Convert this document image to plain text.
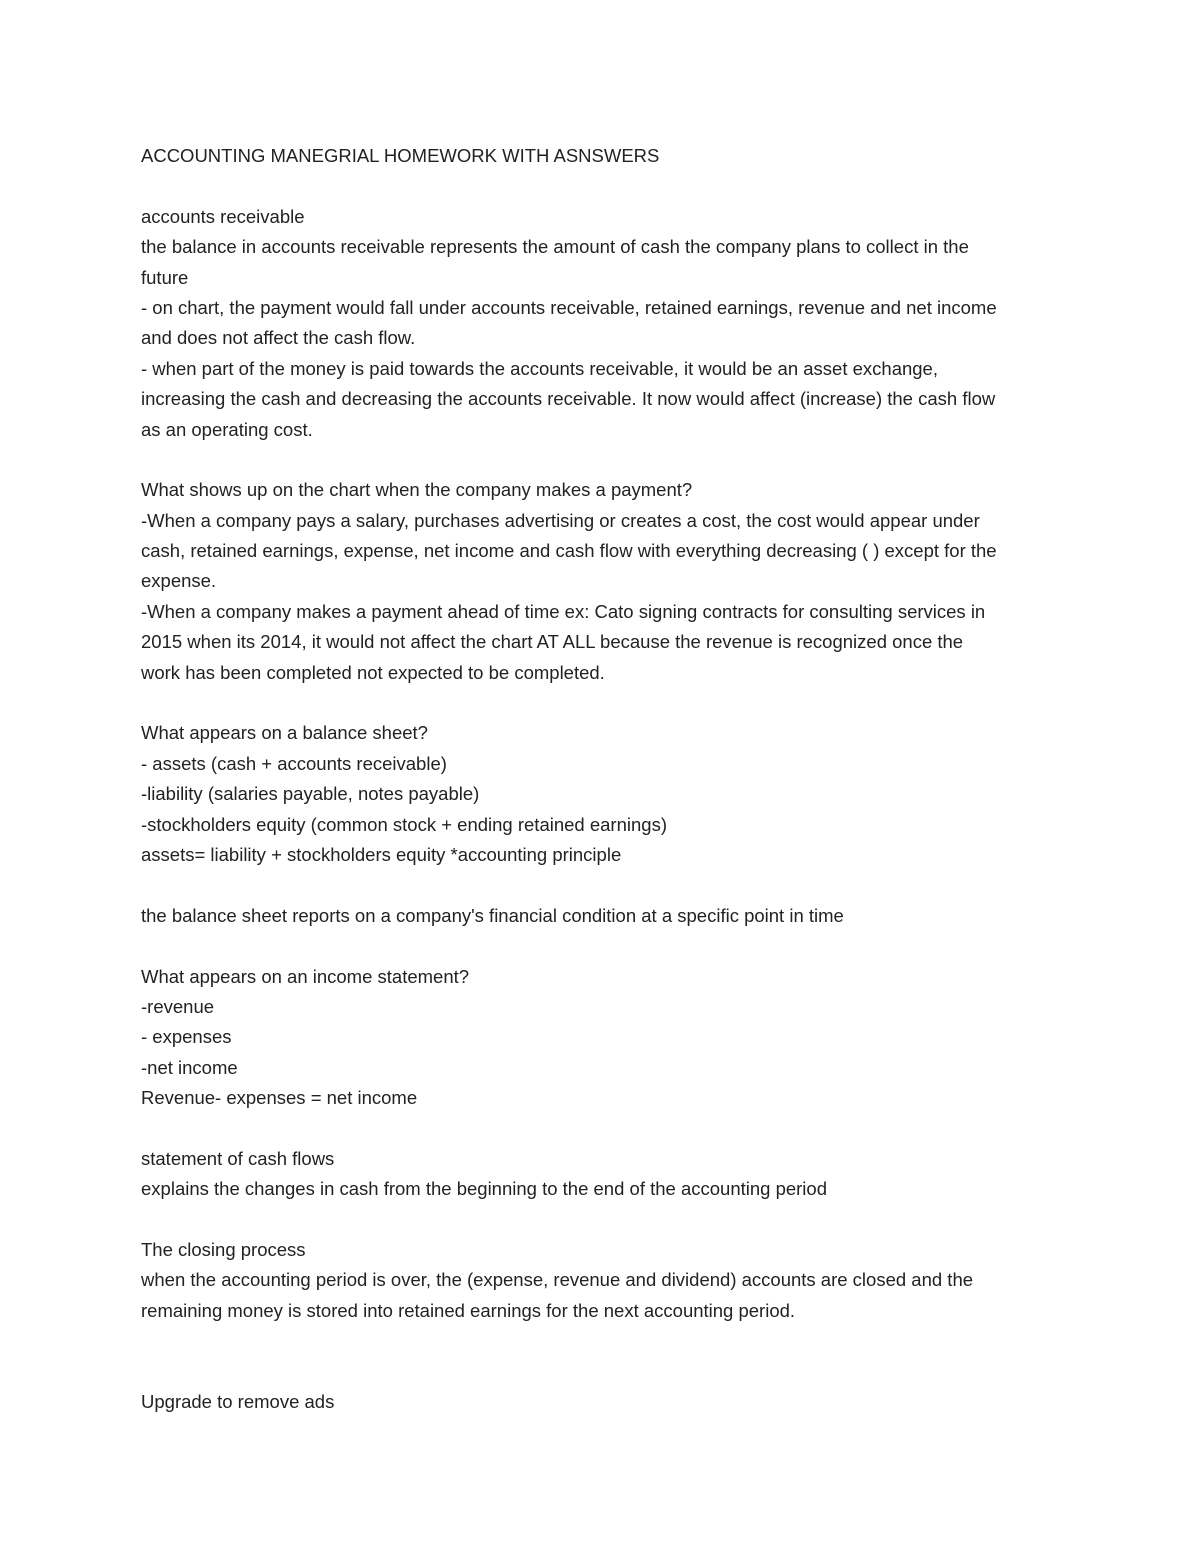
ACCOUNTING MANEGRIAL HOMEWORK WITH ASNSWERS

accounts receivable

the balance in accounts receivable represents the amount of cash the company plans to collect in the

future

- on chart, the payment would fall under accounts receivable, retained earnings, revenue and net income

and does not affect the cash flow.

- when part of the money is paid towards the accounts receivable, it would be an asset exchange,

increasing the cash and decreasing the accounts receivable. It now would affect (increase) the cash flow

as an operating cost.

What shows up on the chart when the company makes a payment?

-When a company pays a salary, purchases advertising or creates a cost, the cost would appear under

cash, retained earnings, expense, net income and cash flow with everything decreasing ( ) except for the

expense.

-When a company makes a payment ahead of time ex: Cato signing contracts for consulting services in

2015 when its 2014, it would not affect the chart AT ALL because the revenue is recognized once the

work has been completed not expected to be completed.

What appears on a balance sheet?

- assets (cash + accounts receivable)

-liability (salaries payable, notes payable)

-stockholders equity (common stock + ending retained earnings)

assets= liability + stockholders equity *accounting principle

the balance sheet reports on a company's financial condition at a specific point in time

What appears on an income statement?

-revenue

- expenses

-net income

Revenue- expenses = net income

statement of cash flows

explains the changes in cash from the beginning to the end of the accounting period

The closing process

when the accounting period is over, the (expense, revenue and dividend) accounts are closed and the

remaining money is stored into retained earnings for the next accounting period.

Upgrade to remove ads
